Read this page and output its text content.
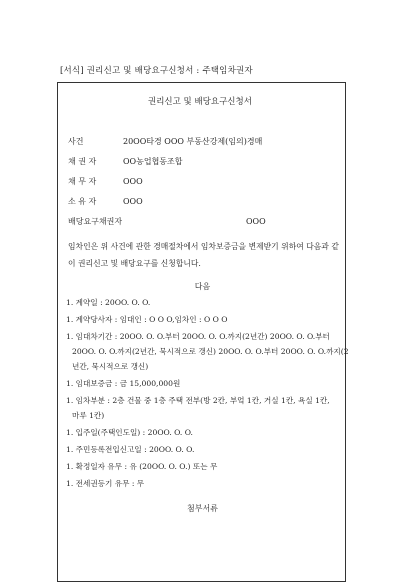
[서식] 권리신고 및 배당요구신청서 : 주택임차권자
권리신고 및 배당요구신청서
사건	20OO타경 OOO 부동산강제(임의)경매
채 권 자	OO농업협동조합
채 무 자	OOO
소 유 자	OOO
배당요구채권자	OOO
임차인은 위 사건에 관한 경매절차에서 임차보증금을 변제받기 위하여 다음과 같
이 권리신고 및 배당요구를 신청합니다.
다음
1. 계약일 : 20OO. O. O.
1. 계약당사자 : 임대인 : O O O,임차인 : O O O
1. 임대차기간 : 20OO. O. O.부터 20OO. O. O.까지(2년간) 20OO. O. O.부터
20OO. O. O.까지(2년간, 묵시적으로 갱신) 20OO. O. O.부터 20OO. O. O.까지(2
년간, 묵시적으로 갱신)
1. 임대보증금 : 금 15,000,000원
1. 임차부분 : 2층 건물 중 1층 주택 전부(방 2칸, 부엌 1칸, 거실 1칸, 욕실 1칸,
마루 1칸)
1. 입주일(주택인도일) : 20OO. O. O.
1. 주민등록전입신고일 : 20OO. O. O.
1. 확정일자 유무 : 유 (20OO. O. O.) 또는 무
1. 전세권등기 유무 : 무
첨부서류
